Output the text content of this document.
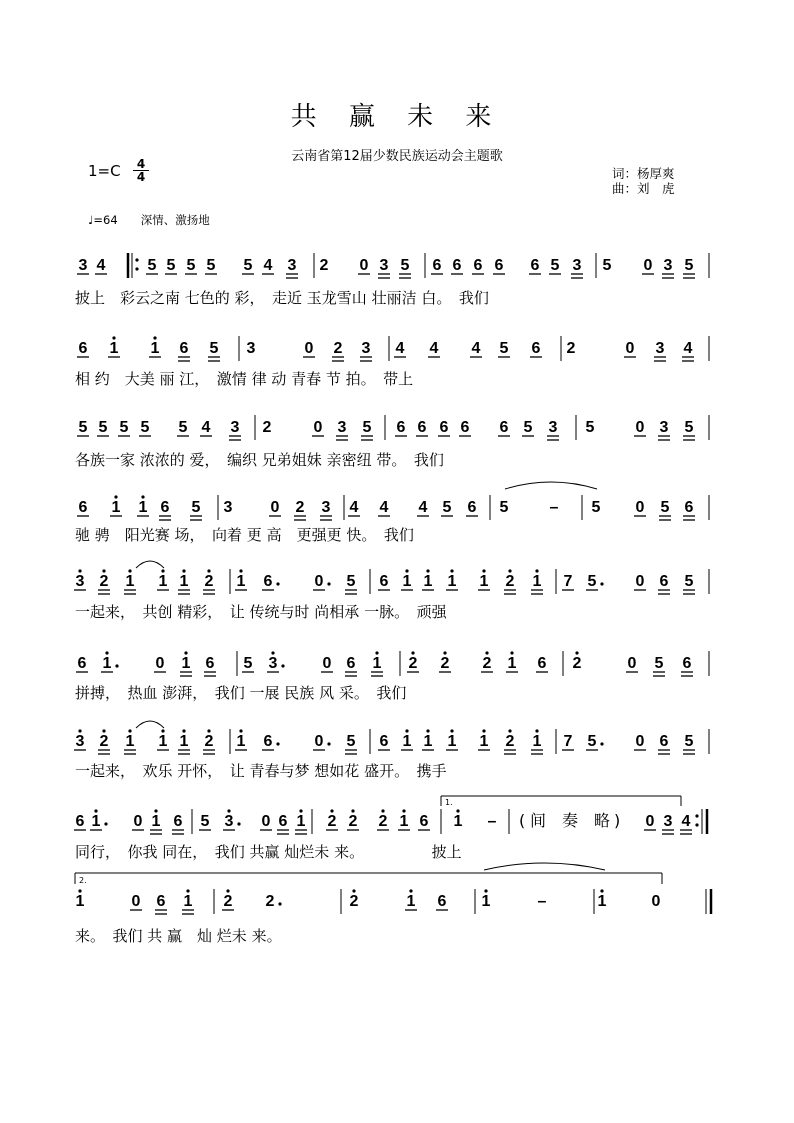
共 赢 未 来
云南省第12届少数民族运动会主题歌
1=C	4
4	词：杨厚爽
曲：刘　虎
♩=64　　深情、激扬地
3 4	5 5 5 5 5 4 3 2 0 3 5 6 6 6 6 6 5 3 5 0 3 5
披上　彩云之南 七色的 彩，　走近 玉龙雪山 壮丽洁 白。　我们
6 1 1 6 5 3	0 2 3 4 4 4 5 6 2	0 3 4
相 约　大美 丽 江，　激情 律 动 青春 节 拍。　带上
5 5 5 5 5 4 3 2	0 3 5 6 6 6 6 6 5 3 5	0 3 5
各族一家 浓浓的 爱，　编织 兄弟姐妹 亲密纽 带。　我们
6 1 1 6 5 3 0 2 3 4 4 4 5 6 5	– 5 0 5 6
驰 骋　阳光赛 场，　向着 更 高　更强更 快。　我们
3 2 1 1 1 2 1 6	0 5 6 1 1 1 1 2 1 7 5 0 6 5
一起来，　共创 精彩，　让 传统与时 尚相承 一脉。　顽强
6 1	0 1 6 5 3	0 6 1 2 2 2 1 6 2	0 5 6
拼搏，　热血 澎湃，　我们 一展 民族 风 采。　我们
3 2 1 1 1 2 1 6	0 5 6 1 1 1 1 2 1 7 5 0 6 5
一起来，　欢乐 开怀，　让 青春与梦 想如花 盛开。　携手
6 1 0 1 6 5 3 0 6 1 2 2 2 1 6 1 –	0 3 4
同行，　你我 同在，　我们 共赢 灿烂未 来。　　　　　披上
1	0 6 1 2 2	2	1 6 1	–	1	0
来。　我们 共 赢　灿 烂未 来。
1.
2.
( 间　奏　略 )
